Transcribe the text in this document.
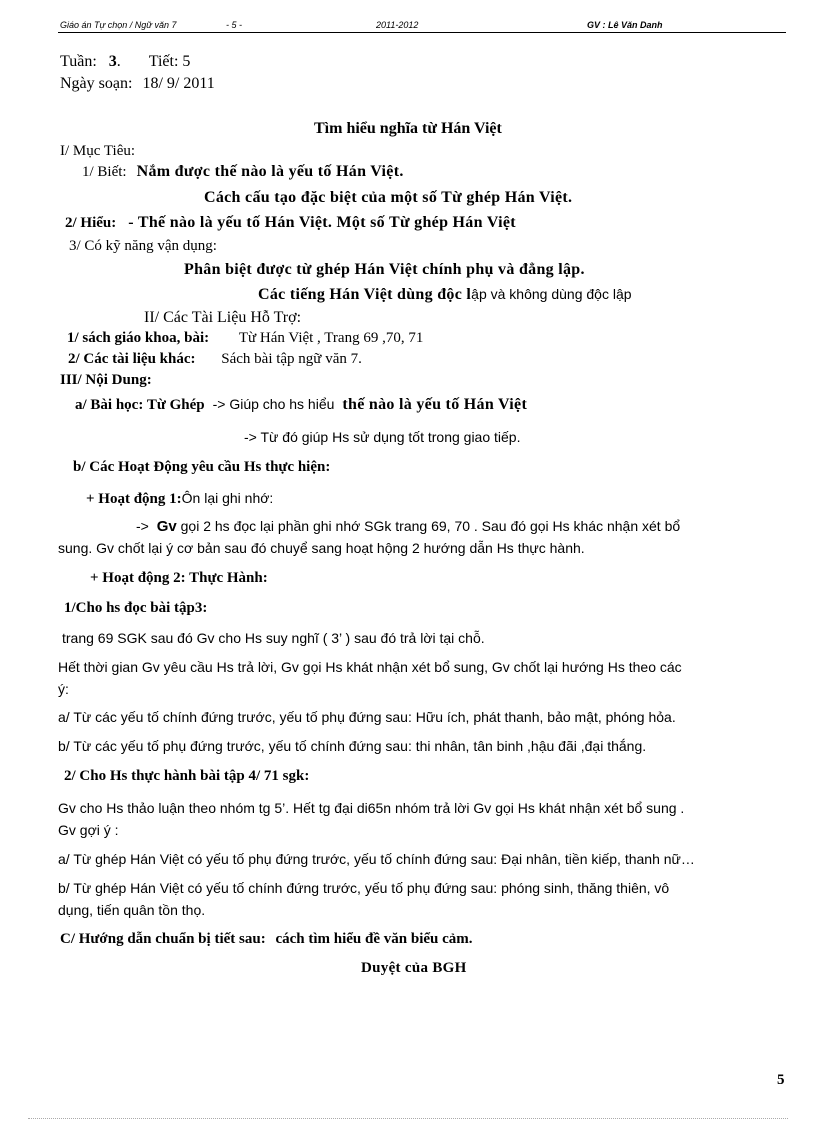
Giáo án Tự chọn / Ngữ văn 7	- 5 -	2011-2012	GV : Lê Văn Danh
Tuần: 3. Tiết: 5
Ngày soạn: 18/ 9/ 2011
Tìm hiểu nghĩa từ Hán Việt
I/ Mục Tiêu:
1/ Biết: Nắm được thế nào là yếu tố Hán Việt.
Cách cấu tạo đặc biệt của một số Từ ghép Hán Việt.
2/ Hiểu: - Thế nào là yếu tố Hán Việt. Một số Từ ghép Hán Việt
3/ Có kỹ năng vận dụng:
Phân biệt được từ ghép Hán Việt chính phụ và đẳng lập.
Các tiếng Hán Việt dùng độc lập và không dùng độc lập
II/ Các Tài Liệu Hỗ Trợ:
1/ sách giáo khoa, bài: Từ Hán Việt , Trang 69 ,70, 71
2/ Các tài liệu khác: Sách bài tập ngữ văn 7.
III/ Nội Dung:
a/ Bài học: Từ Ghép -> Giúp cho hs hiểu thế nào là yếu tố Hán Việt
-> Từ đó giúp Hs sử dụng tốt trong giao tiếp.
b/ Các Hoạt Động yêu cầu Hs thực hiện:
+ Hoạt động 1:Ôn lại ghi nhớ:
-> Gv gọi 2 hs đọc lại phần ghi nhớ SGk trang 69, 70 . Sau đó gọi Hs khác nhận xét bổ
sung. Gv chốt lại ý cơ bản sau đó chuyể sang hoạt hộng 2 hướng dẫn Hs thực hành.
+ Hoạt động 2: Thực Hành:
1/Cho hs đọc bài tập3:
trang 69 SGK sau đó Gv cho Hs suy nghĩ ( 3’ ) sau đó trả lời tại chỗ.
Hết thời gian Gv yêu cầu Hs trả lời, Gv gọi Hs khát nhận xét bổ sung, Gv chốt lại hướng Hs theo các
ý:
a/ Từ các yếu tố chính đứng trước, yếu tố phụ đứng sau: Hữu ích, phát thanh, bảo mật, phóng hỏa.
b/ Từ các yếu tố phụ đứng trước, yếu tố chính đứng sau: thi nhân, tân binh ,hậu đãi ,đại thắng.
2/ Cho Hs thực hành bài tập 4/ 71 sgk:
Gv cho Hs thảo luận theo nhóm tg 5’. Hết tg đại di65n nhóm trả lời Gv gọi Hs khát nhận xét bổ sung .
Gv gợi ý :
a/ Từ ghép Hán Việt có yếu tố phụ đứng trước, yếu tố chính đứng sau: Đại nhân, tiền kiếp, thanh nữ…
b/ Từ ghép Hán Việt có yếu tố chính đứng trước, yếu tố phụ đứng sau: phóng sinh, thăng thiên, vô
dụng, tiến quân tồn thọ.
C/ Hướng dẫn chuẩn bị tiết sau: cách tìm hiểu đề văn biểu cảm.
Duyệt của BGH
5
